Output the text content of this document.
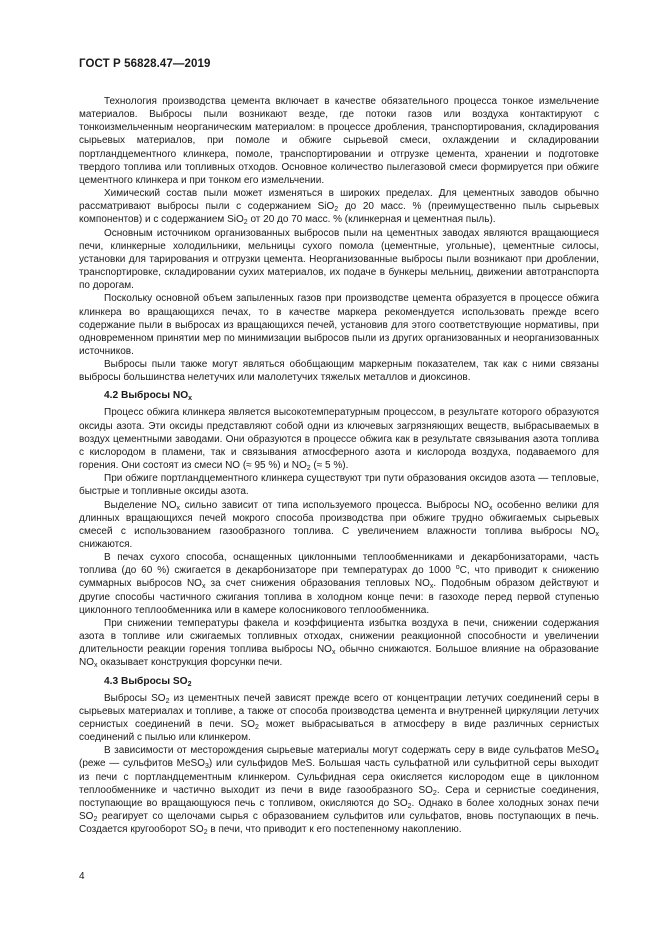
ГОСТ Р 56828.47—2019

Технология производства цемента включает в качестве обязательного процесса тонкое измельчение материалов. Выбросы пыли возникают везде, где потоки газов или воздуха контактируют с тонкоизмельченным неорганическим материалом: в процессе дробления, транспортирования, складирования сырьевых материалов, при помоле и обжиге сырьевой смеси, охлаждении и складировании портландцементного клинкера, помоле, транспортировании и отгрузке цемента, хранении и подготовке твердого топлива или топливных отходов. Основное количество пылегазовой смеси формируется при обжиге цементного клинкера и при тонком его измельчении.

Химический состав пыли может изменяться в широких пределах. Для цементных заводов обычно рассматривают выбросы пыли с содержанием SiO$_2$ до 20 масс. % (преимущественно пыль сырьевых компонентов) и с содержанием SiO$_2$ от 20 до 70 масс. % (клинкерная и цементная пыль).

Основным источником организованных выбросов пыли на цементных заводах являются вращающиеся печи, клинкерные холодильники, мельницы сухого помола (цементные, угольные), цементные силосы, установки для тарирования и отгрузки цемента. Неорганизованные выбросы пыли возникают при дроблении, транспортировке, складировании сухих материалов, их подаче в бункеры мельниц, движении автотранспорта по дорогам.

Поскольку основной объем запыленных газов при производстве цемента образуется в процессе обжига клинкера во вращающихся печах, то в качестве маркера рекомендуется использовать прежде всего содержание пыли в выбросах из вращающихся печей, установив для этого соответствующие нормативы, при одновременном принятии мер по минимизации выбросов пыли из других организованных и неорганизованных источников.

Выбросы пыли также могут являться обобщающим маркерным показателем, так как с ними связаны выбросы большинства нелетучих или малолетучих тяжелых металлов и диоксинов.

4.2 Выбросы $NO_x$

Процесс обжига клинкера является высокотемпературным процессом, в результате которого образуются оксиды азота. Эти оксиды представляют собой одни из ключевых загрязняющих веществ, выбрасываемых в воздух цементными заводами. Они образуются в процессе обжига как в результате связывания азота топлива с кислородом в пламени, так и связывания атмосферного азота и кислорода воздуха, подаваемого для горения. Они состоят из смеси NO (≈ 95 %) и $NO_2$ (≈ 5 %).

При обжиге портландцементного клинкера существуют три пути образования оксидов азота — тепловые, быстрые и топливные оксиды азота.

Выделение $NO_x$ сильно зависит от типа используемого процесса. Выбросы $NO_x$ особенно велики для длинных вращающихся печей мокрого способа производства при обжиге трудно обжигаемых сырьевых смесей с использованием газообразного топлива. С увеличением влажности топлива выбросы $NO_x$ снижаются.

В печах сухого способа, оснащенных циклонными теплообменниками и декарбонизаторами, часть топлива (до 60 %) сжигается в декарбонизаторе при температурах до 1000 $^o$С, что приводит к снижению суммарных выбросов $NO_x$ за счет снижения образования тепловых $NO_x$. Подобным образом действуют и другие способы частичного сжигания топлива в холодном конце печи: в газоходе перед первой ступенью циклонного теплообменника или в камере колосникового теплообменника.

При снижении температуры факела и коэффициента избытка воздуха в печи, снижении содержания азота в топливе или сжигаемых топливных отходах, снижении реакционной способности и увеличении длительности реакции горения топлива выбросы $NO_x$ обычно снижаются. Большое влияние на образование $NO_x$ оказывает конструкция форсунки печи.

4.3 Выбросы $SO_2$

Выбросы $SO_2$ из цементных печей зависят прежде всего от концентрации летучих соединений серы в сырьевых материалах и топливе, а также от способа производства цемента и внутренней циркуляции летучих сернистых соединений в печи. $SO_2$ может выбрасываться в атмосферу в виде различных сернистых соединений с пылью или клинкером.

В зависимости от месторождения сырьевые материалы могут содержать серу в виде сульфатов MeSO$_4$ (реже — сульфитов MeSO$_3$) или сульфидов MeS. Большая часть сульфатной или сульфитной серы выходит из печи с портландцементным клинкером. Сульфидная сера окисляется кислородом еще в циклонном теплообменнике и частично выходит из печи в виде газообразного $SO_2$. Сера и сернистые соединения, поступающие во вращающуюся печь с топливом, окисляются до $SO_2$. Однако в более холодных зонах печи $SO_2$ реагирует со щелочами сырья с образованием сульфитов или сульфатов, вновь поступающих в печь. Создается кругооборот $SO_2$ в печи, что приводит к его постепенному накоплению.

4
